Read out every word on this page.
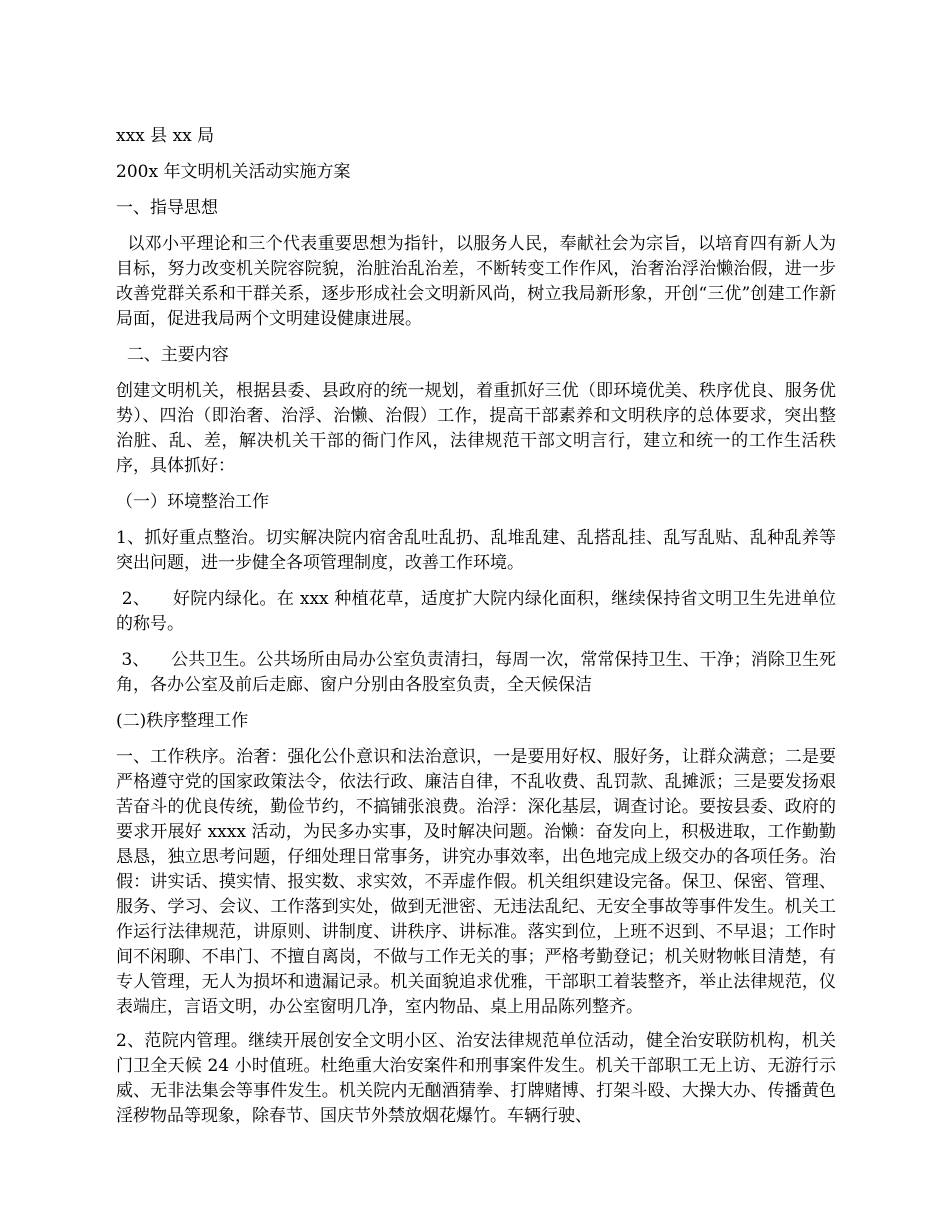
xxx 县 xx 局

200x 年文明机关活动实施方案

一、指导思想

以邓小平理论和三个代表重要思想为指针，以服务人民，奉献社会为宗旨，以培育四有新人为目标，努力改变机关院容院貌，治脏治乱治差，不断转变工作作风，治奢治浮治懒治假，进一步改善党群关系和干群关系，逐步形成社会文明新风尚，树立我局新形象，开创“三优”创建工作新局面，促进我局两个文明建设健康进展。

二、主要内容

创建文明机关，根据县委、县政府的统一规划，着重抓好三优（即环境优美、秩序优良、服务优势）、四治（即治奢、治浮、治懒、治假）工作，提高干部素养和文明秩序的总体要求，突出整治脏、乱、差，解决机关干部的衙门作风，法律规范干部文明言行，建立和统一的工作生活秩序，具体抓好：

（一）环境整治工作

1、抓好重点整治。切实解决院内宿舍乱吐乱扔、乱堆乱建、乱搭乱挂、乱写乱贴、乱种乱养等突出问题，进一步健全各项管理制度，改善工作环境。

2、    好院内绿化。在 xxx 种植花草，适度扩大院内绿化面积，继续保持省文明卫生先进单位的称号。

3、    公共卫生。公共场所由局办公室负责清扫，每周一次，常常保持卫生、干净；消除卫生死角，各办公室及前后走廊、窗户分别由各股室负责，全天候保洁

(二)秩序整理工作

一、工作秩序。治奢：强化公仆意识和法治意识，一是要用好权、服好务，让群众满意；二是要严格遵守党的国家政策法令，依法行政、廉洁自律，不乱收费、乱罚款、乱摊派；三是要发扬艰苦奋斗的优良传统，勤俭节约，不搞铺张浪费。治浮：深化基层，调查讨论。要按县委、政府的要求开展好 xxxx 活动，为民多办实事，及时解决问题。治懒：奋发向上，积极进取，工作勤勤恳恳，独立思考问题，仔细处理日常事务，讲究办事效率，出色地完成上级交办的各项任务。治假：讲实话、摸实情、报实数、求实效，不弄虚作假。机关组织建设完备。保卫、保密、管理、服务、学习、会议、工作落到实处，做到无泄密、无违法乱纪、无安全事故等事件发生。机关工作运行法律规范，讲原则、讲制度、讲秩序、讲标准。落实到位，上班不迟到、不早退；工作时间不闲聊、不串门、不擅自离岗，不做与工作无关的事；严格考勤登记；机关财物帐目清楚，有专人管理，无人为损坏和遗漏记录。机关面貌追求优雅，干部职工着装整齐，举止法律规范，仪表端庄，言语文明，办公室窗明几净，室内物品、桌上用品陈列整齐。

2、范院内管理。继续开展创安全文明小区、治安法律规范单位活动，健全治安联防机构，机关门卫全天候 24 小时值班。杜绝重大治安案件和刑事案件发生。机关干部职工无上访、无游行示威、无非法集会等事件发生。机关院内无酗酒猜拳、打牌赌博、打架斗殴、大操大办、传播黄色淫秽物品等现象，除春节、国庆节外禁放烟花爆竹。车辆行驶、
